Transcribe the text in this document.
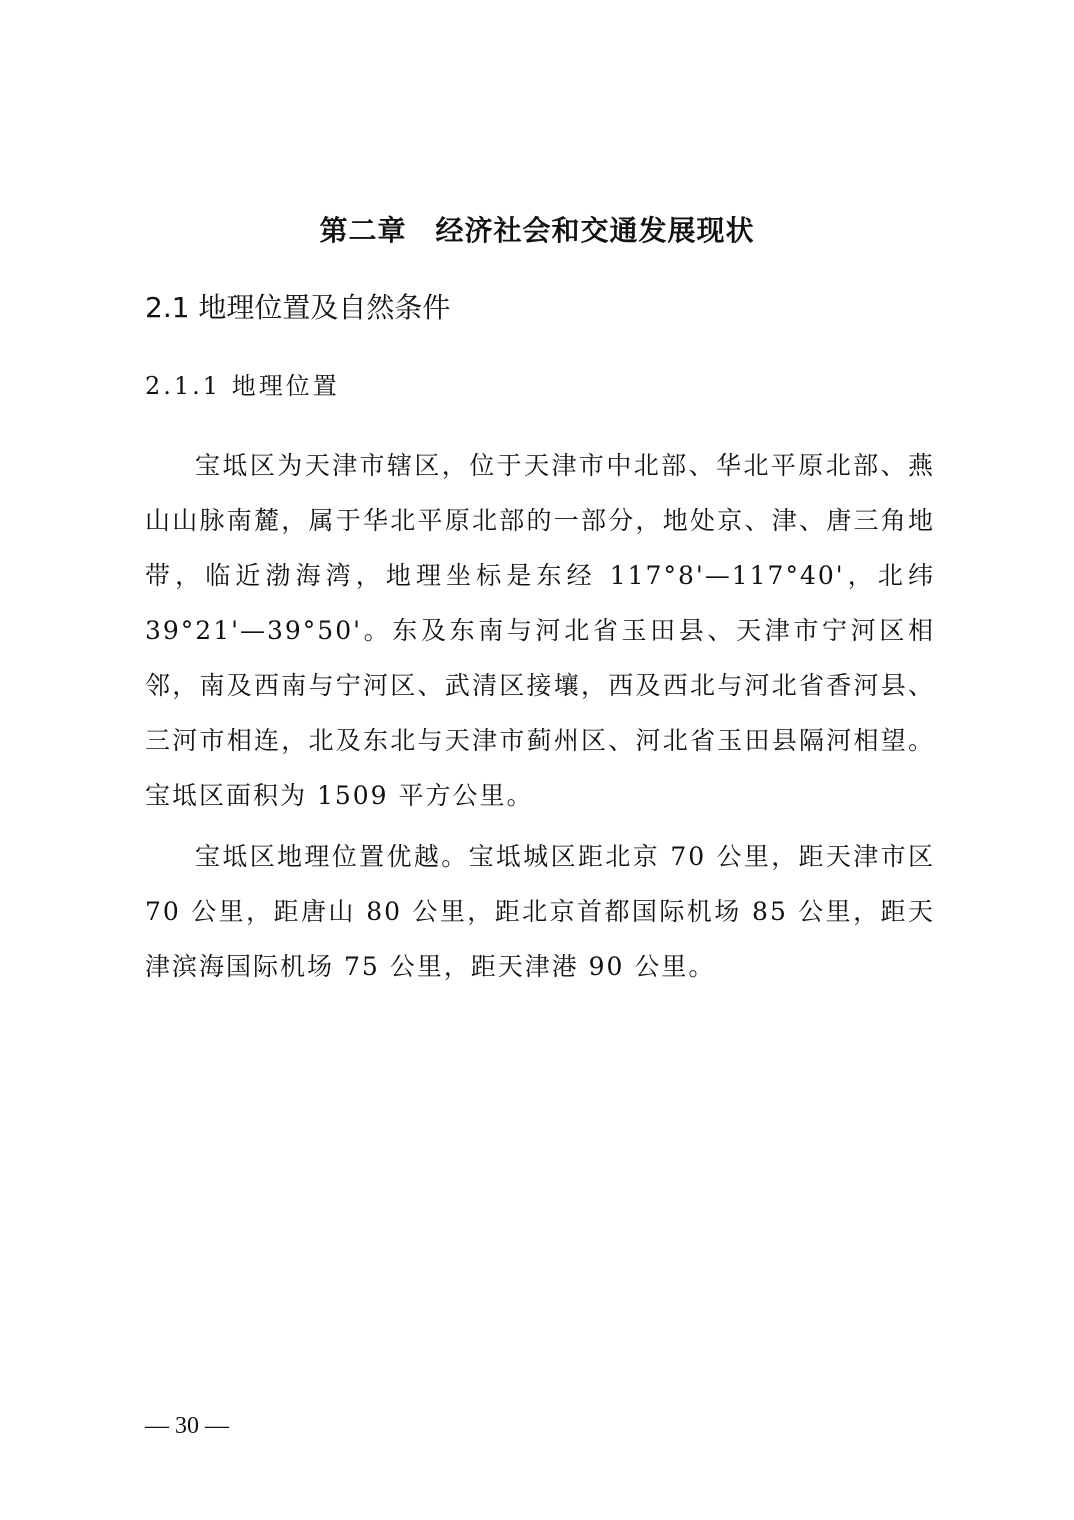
第二章　经济社会和交通发展现状
2.1 地理位置及自然条件
2.1.1 地理位置

宝坻区为天津市辖区，位于天津市中北部、华北平原北部、燕山山脉南麓，属于华北平原北部的一部分，地处京、津、唐三角地带，临近渤海湾，地理坐标是东经 117°8'—117°40'，北纬 39°21'—39°50'。东及东南与河北省玉田县、天津市宁河区相邻，南及西南与宁河区、武清区接壤，西及西北与河北省香河县、三河市相连，北及东北与天津市蓟州区、河北省玉田县隔河相望。宝坻区面积为 1509 平方公里。

宝坻区地理位置优越。宝坻城区距北京 70 公里，距天津市区 70 公里，距唐山 80 公里，距北京首都国际机场 85 公里，距天津滨海国际机场 75 公里，距天津港 90 公里。

— 30 —
